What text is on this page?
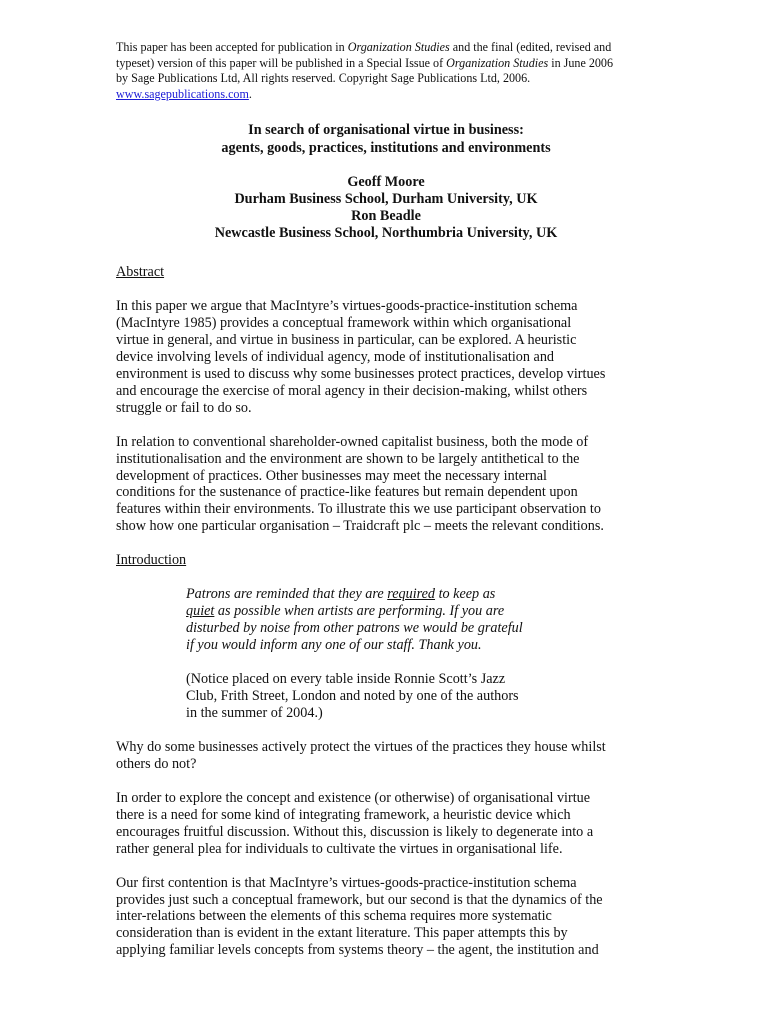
This paper has been accepted for publication in Organization Studies and the final (edited, revised and
typeset) version of this paper will be published in a Special Issue of Organization Studies in June 2006
by Sage Publications Ltd, All rights reserved. Copyright Sage Publications Ltd, 2006.
www.sagepublications.com.

In search of organisational virtue in business:
agents, goods, practices, institutions and environments
Geoff Moore
Durham Business School, Durham University, UK
Ron Beadle
Newcastle Business School, Northumbria University, UK

Abstract

In this paper we argue that MacIntyre’s virtues-goods-practice-institution schema
(MacIntyre 1985) provides a conceptual framework within which organisational
virtue in general, and virtue in business in particular, can be explored. A heuristic
device involving levels of individual agency, mode of institutionalisation and
environment is used to discuss why some businesses protect practices, develop virtues
and encourage the exercise of moral agency in their decision-making, whilst others
struggle or fail to do so.

In relation to conventional shareholder-owned capitalist business, both the mode of
institutionalisation and the environment are shown to be largely antithetical to the
development of practices. Other businesses may meet the necessary internal
conditions for the sustenance of practice-like features but remain dependent upon
features within their environments. To illustrate this we use participant observation to
show how one particular organisation – Traidcraft plc – meets the relevant conditions.

Introduction

Patrons are reminded that they are required to keep as
quiet as possible when artists are performing. If you are
disturbed by noise from other patrons we would be grateful
if you would inform any one of our staff. Thank you.
(Notice placed on every table inside Ronnie Scott’s Jazz
Club, Frith Street, London and noted by one of the authors
in the summer of 2004.)

Why do some businesses actively protect the virtues of the practices they house whilst
others do not?

In order to explore the concept and existence (or otherwise) of organisational virtue
there is a need for some kind of integrating framework, a heuristic device which
encourages fruitful discussion. Without this, discussion is likely to degenerate into a
rather general plea for individuals to cultivate the virtues in organisational life.

Our first contention is that MacIntyre’s virtues-goods-practice-institution schema
provides just such a conceptual framework, but our second is that the dynamics of the
inter-relations between the elements of this schema requires more systematic
consideration than is evident in the extant literature. This paper attempts this by
applying familiar levels concepts from systems theory – the agent, the institution and
